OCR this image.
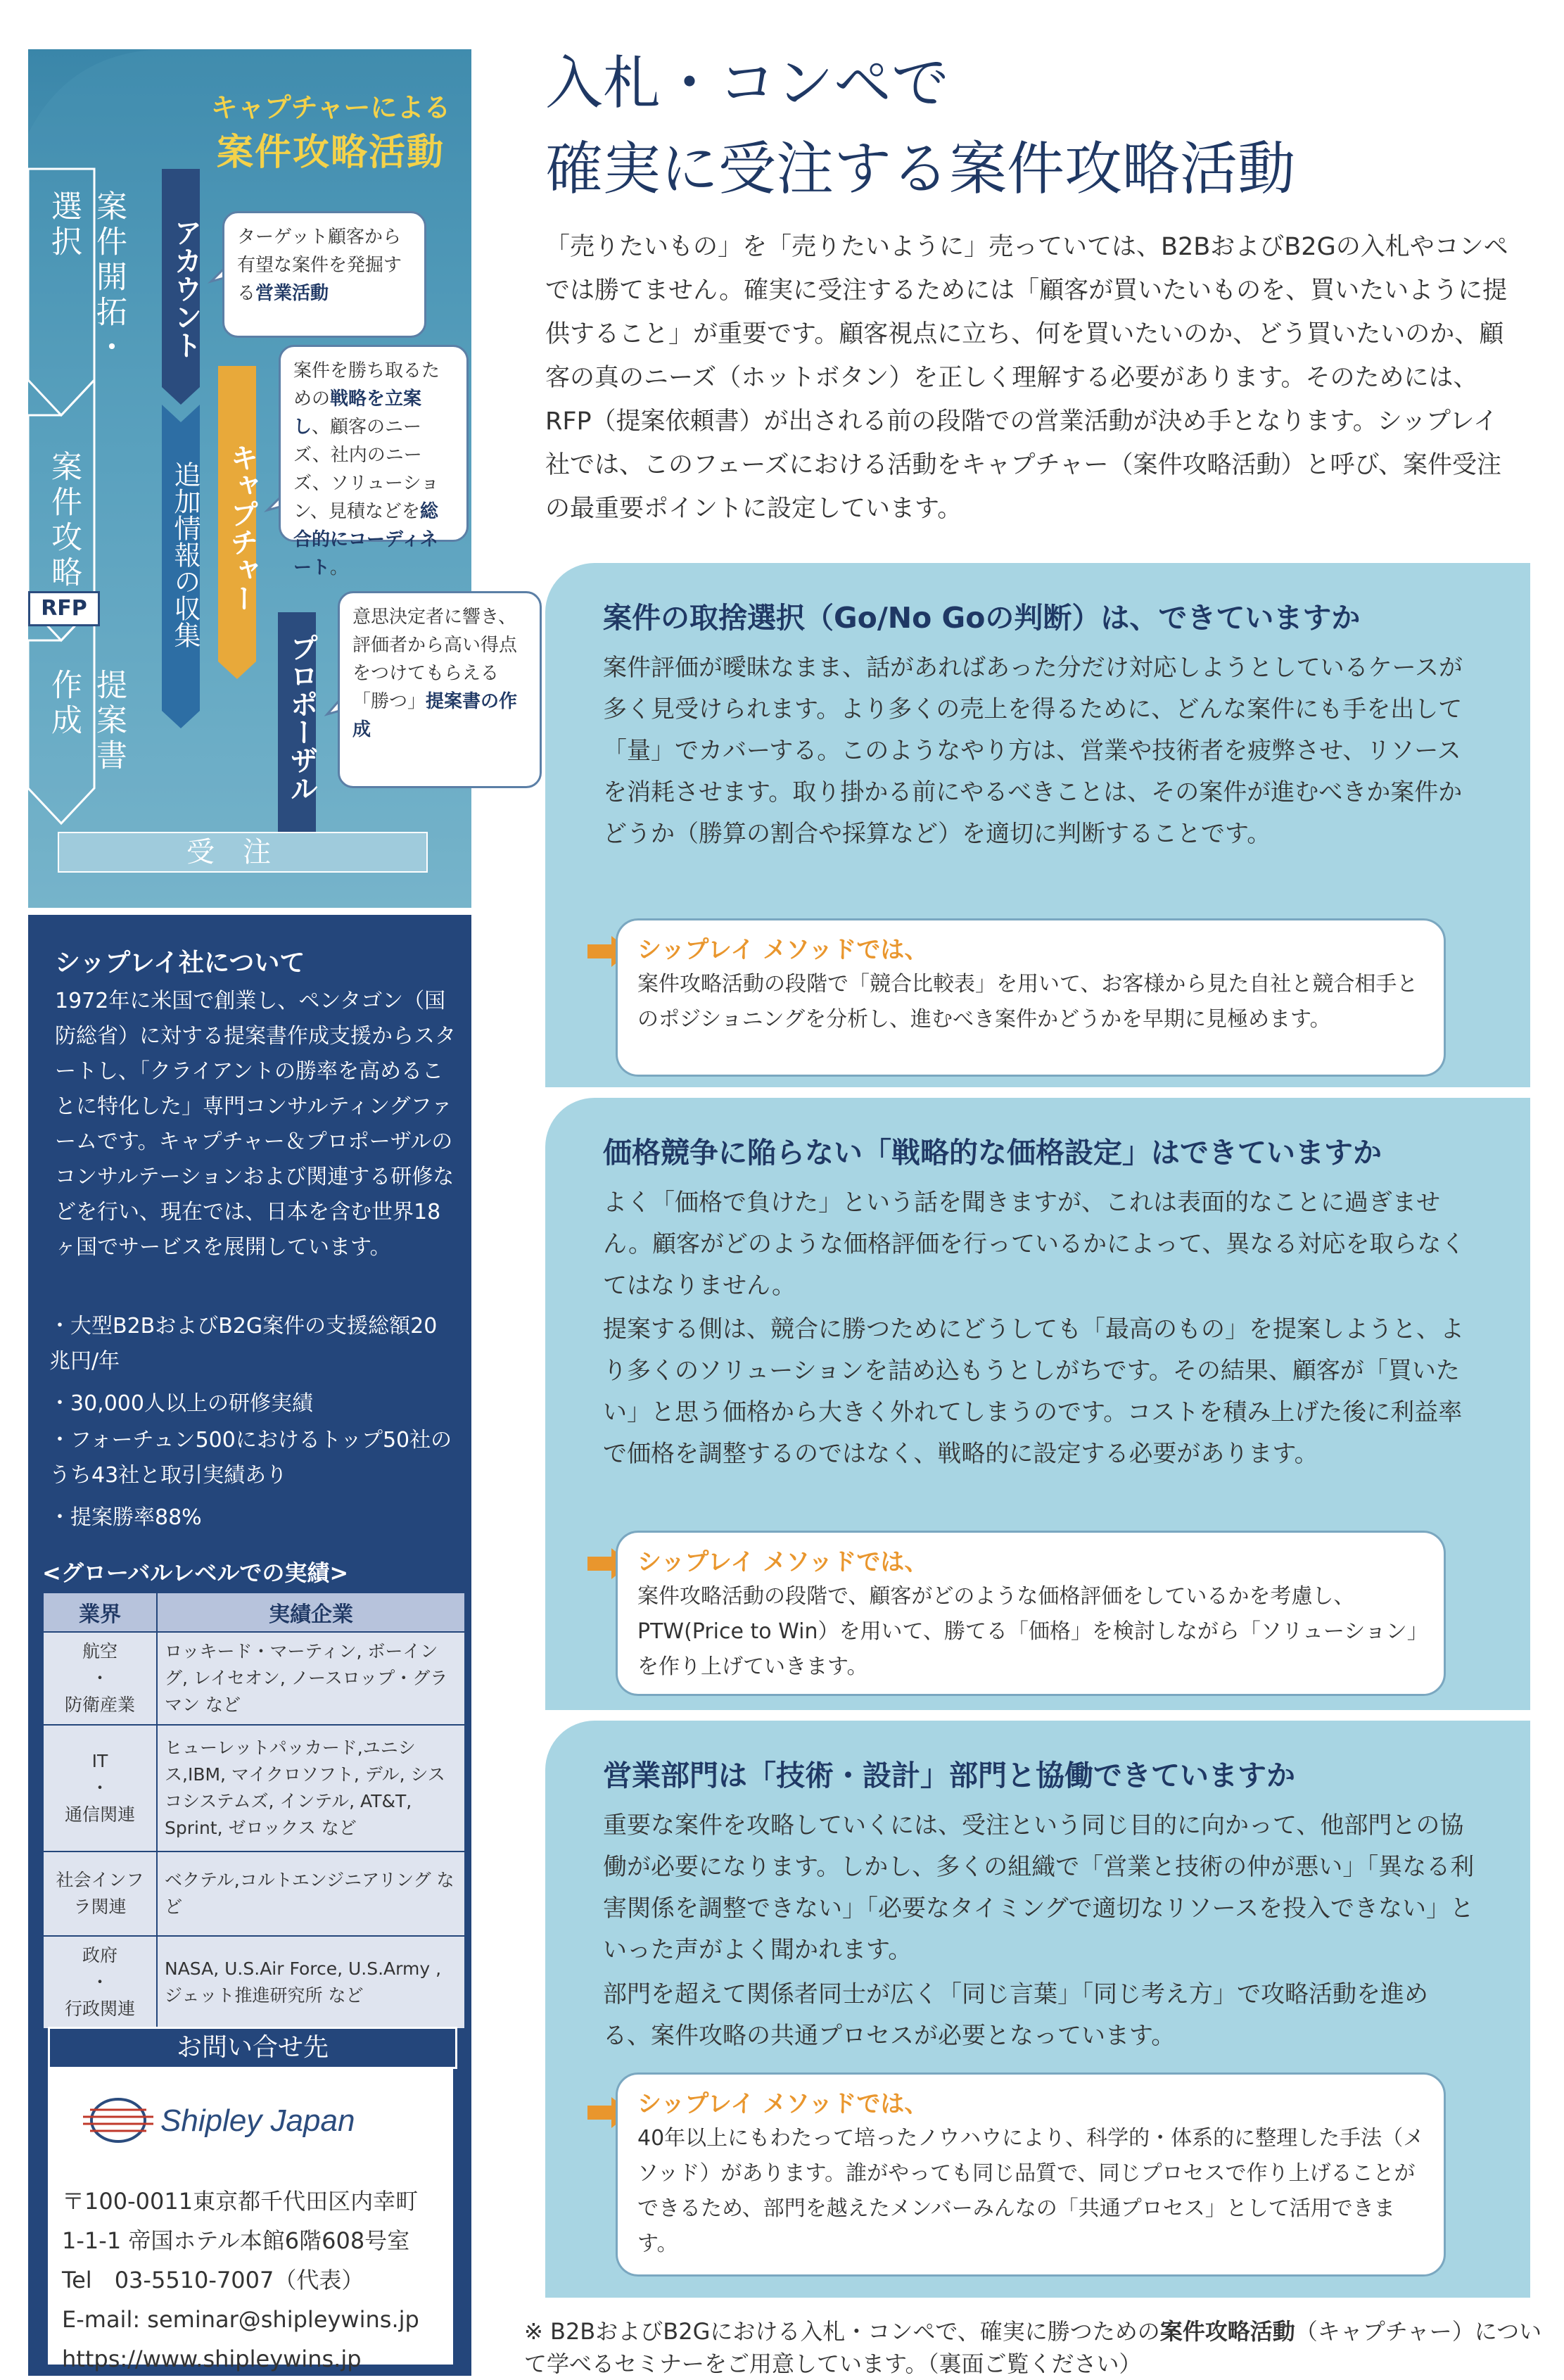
キャプチャーによる
案件攻略活動
案件開拓・選択
案件攻略
提案書作成
アカウント
追加情報の収集 キャプチャー
プロポーザル
ターゲット顧客から有望な案件を発掘する営業活動
案件を勝ち取るための戦略を立案し、顧客のニーズ、社内のニーズ、ソリューション、見積などを総合的にコーディネート。
意思決定者に響き、評価者から高い得点をつけてもらえる「勝つ」提案書の作成
RFP
受注
シップレイ社について
1972年に米国で創業し、ペンタゴン（国防総省）に対する提案書作成支援からスタートし、「クライアントの勝率を高めることに特化した」専門コンサルティングファームです。キャプチャー＆プロポーザルのコンサルテーションおよび関連する研修などを行い、現在では、日本を含む世界18ヶ国でサービスを展開しています。
・大型B2BおよびB2G案件の支援総額20兆円/年
・30,000人以上の研修実績
・フォーチュン500におけるトップ50社のうち43社と取引実績あり
・提案勝率88%
<グローバルレベルでの実績>
業界	実績企業
航空
・
防衛産業	ロッキード・マーティン, ボーイング, レイセオン, ノースロップ・グラマン など
IT
・
通信関連	ヒューレットパッカード,ユニシス,IBM, マイクロソフト, デル, シスコシステムズ, インテル, AT&T, Sprint, ゼロックス など
社会インフラ関連	ベクテル,コルトエンジニアリング など
政府
・
行政関連	NASA, U.S.Air Force, U.S.Army , ジェット推進研究所 など
お問い合せ先
Shipley Japan
〒100-0011東京都千代田区内幸町
1-1-1 帝国ホテル本館6階608号室
Tel　03-5510-7007（代表）
E-mail: seminar@shipleywins.jp
https://www.shipleywins.jp
入札・コンペで
確実に受注する案件攻略活動
「売りたいもの」を「売りたいように」売っていては、B2BおよびB2Gの入札やコンペでは勝てません。確実に受注するためには「顧客が買いたいものを、買いたいように提供すること」が重要です。顧客視点に立ち、何を買いたいのか、どう買いたいのか、顧客の真のニーズ（ホットボタン）を正しく理解する必要があります。そのためには、RFP（提案依頼書）が出される前の段階での営業活動が決め手となります。シップレイ社では、このフェーズにおける活動をキャプチャー（案件攻略活動）と呼び、案件受注の最重要ポイントに設定しています。
案件の取捨選択（Go/No Goの判断）は、できていますか
案件評価が曖昧なまま、話があればあった分だけ対応しようとしているケースが多く見受けられます。より多くの売上を得るために、どんな案件にも手を出して「量」でカバーする。このようなやり方は、営業や技術者を疲弊させ、リソースを消耗させます。取り掛かる前にやるべきことは、その案件が進むべきか案件かどうか（勝算の割合や採算など）を適切に判断することです。
シップレイ メソッドでは、
案件攻略活動の段階で「競合比較表」を用いて、お客様から見た自社と競合相手とのポジショニングを分析し、進むべき案件かどうかを早期に見極めます。
価格競争に陥らない「戦略的な価格設定」はできていますか
よく「価格で負けた」という話を聞きますが、これは表面的なことに過ぎません。顧客がどのような価格評価を行っているかによって、異なる対応を取らなくてはなりません。
提案する側は、競合に勝つためにどうしても「最高のもの」を提案しようと、より多くのソリューションを詰め込もうとしがちです。その結果、顧客が「買いたい」と思う価格から大きく外れてしまうのです。コストを積み上げた後に利益率で価格を調整するのではなく、戦略的に設定する必要があります。
シップレイ メソッドでは、
案件攻略活動の段階で、顧客がどのような価格評価をしているかを考慮し、PTW(Price to Win）を用いて、勝てる「価格」を検討しながら「ソリューション」を作り上げていきます。
営業部門は「技術・設計」部門と協働できていますか
重要な案件を攻略していくには、受注という同じ目的に向かって、他部門との協働が必要になります。しかし、多くの組織で「営業と技術の仲が悪い」「異なる利害関係を調整できない」「必要なタイミングで適切なリソースを投入できない」といった声がよく聞かれます。
部門を超えて関係者同士が広く「同じ言葉」「同じ考え方」で攻略活動を進める、案件攻略の共通プロセスが必要となっています。
シップレイ メソッドでは、
40年以上にもわたって培ったノウハウにより、科学的・体系的に整理した手法（メソッド）があります。誰がやっても同じ品質で、同じプロセスで作り上げることができるため、部門を越えたメンバーみんなの「共通プロセス」として活用できます。
※ B2BおよびB2Gにおける入札・コンペで、確実に勝つための案件攻略活動（キャプチャー）について学べるセミナーをご用意しています。（裏面ご覧ください）
